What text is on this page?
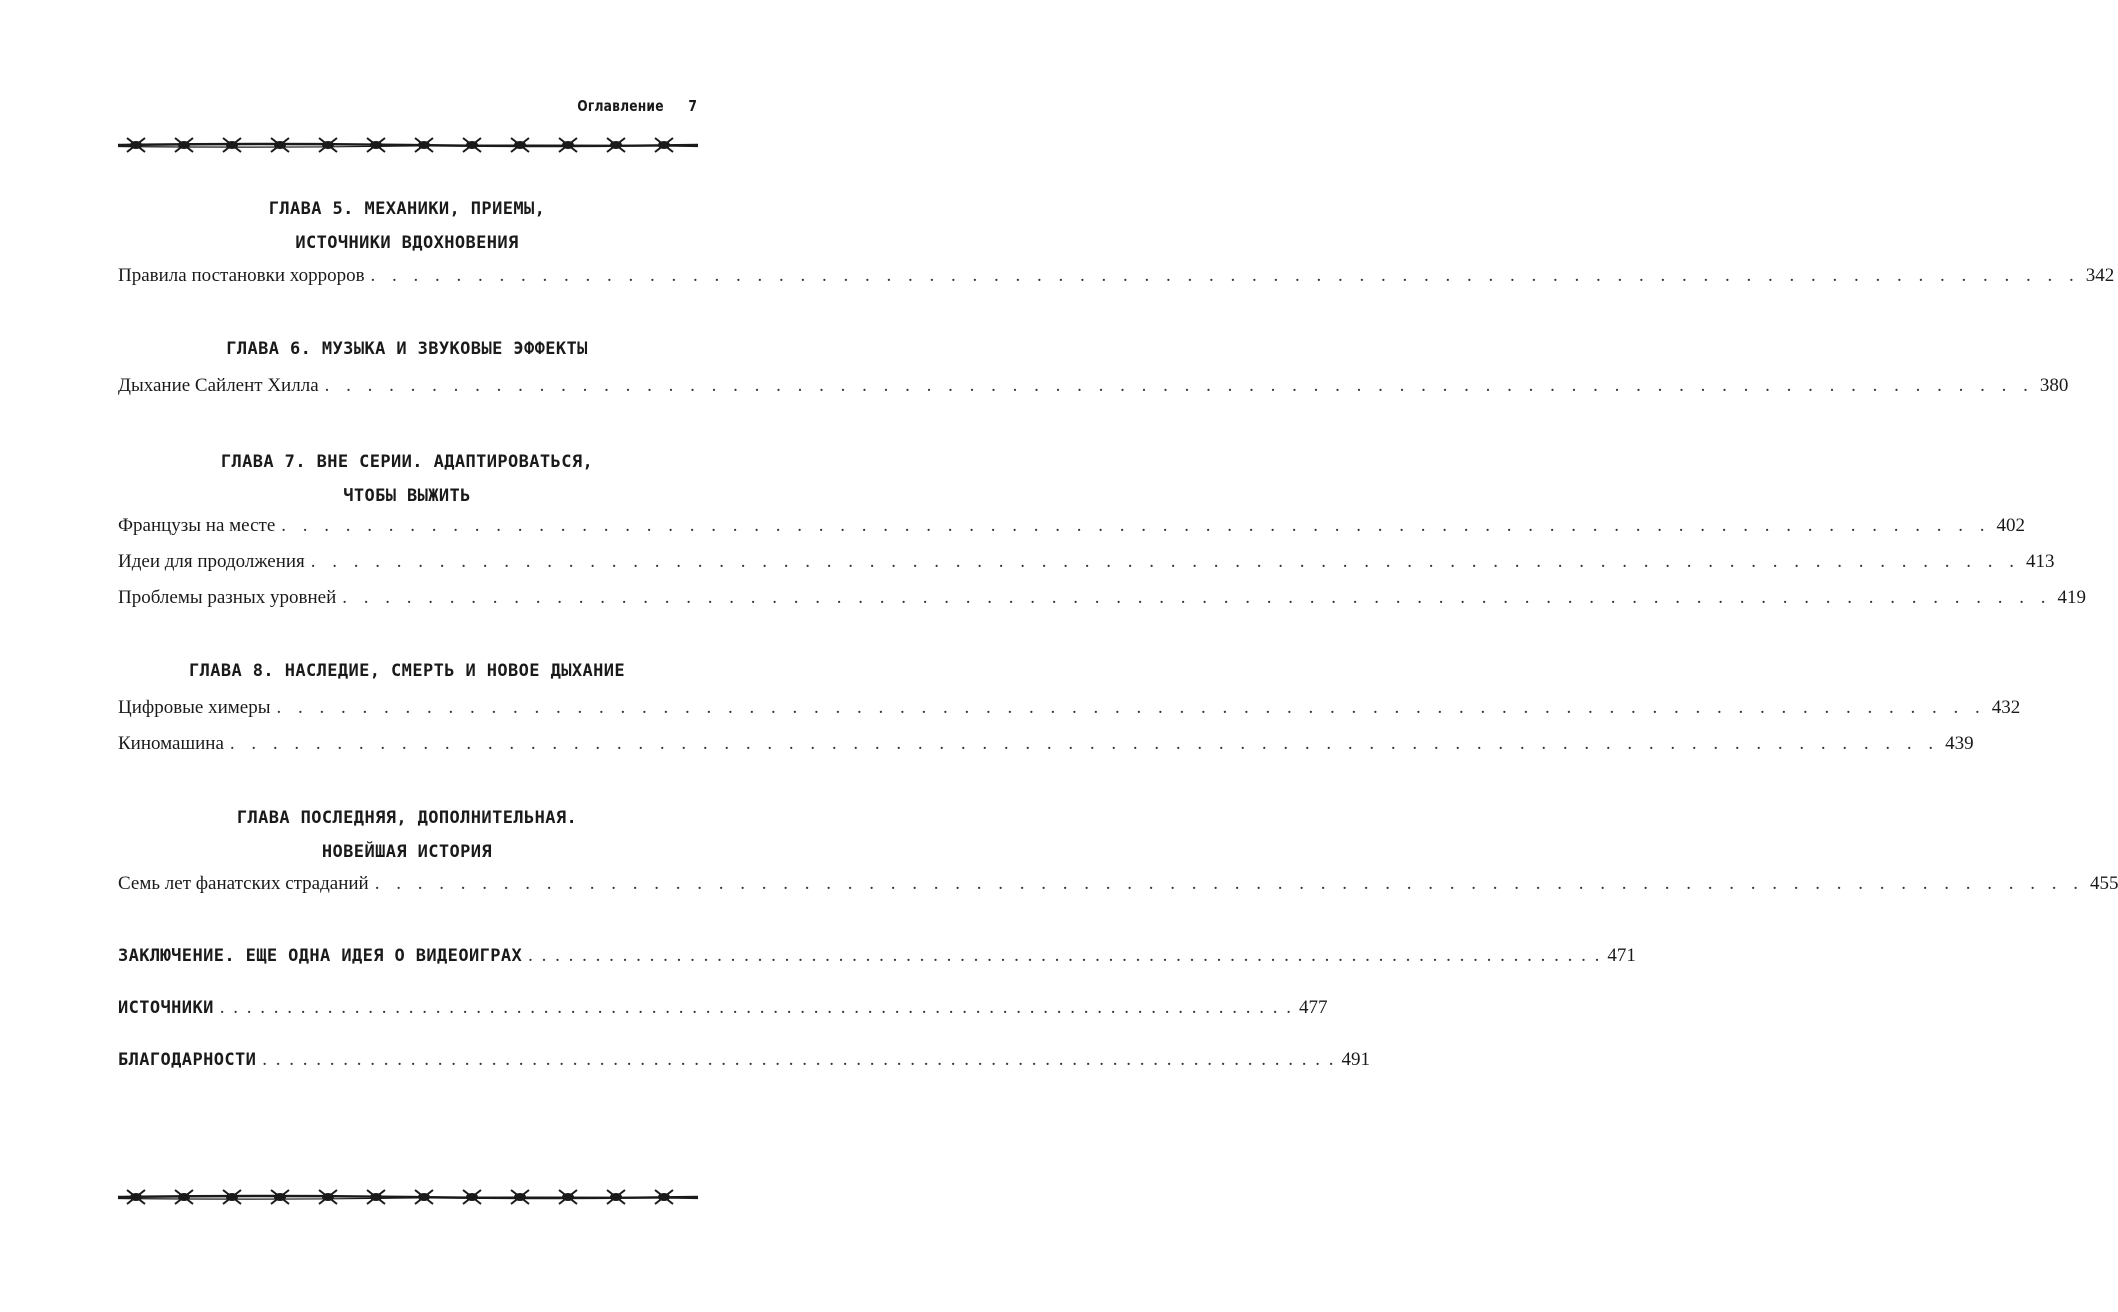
Оглавление 7
ГЛАВА 5. МЕХАНИКИ, ПРИЕМЫ,
ИСТОЧНИКИ ВДОХНОВЕНИЯ
Правила постановки хорроров . . . . . . . . . . . . . . . . . . . . . . . . . . . . . . . . . . . . . . . . . . . . . . . . . . . . . . . . . . . . . . . . . . . . . . . . . . . . . . . . 342
ГЛАВА 6. МУЗЫКА И ЗВУКОВЫЕ ЭФФЕКТЫ
Дыхание Сайлент Хилла . . . . . . . . . . . . . . . . . . . . . . . . . . . . . . . . . . . . . . . . . . . . . . . . . . . . . . . . . . . . . . . . . . . . . . . . . . . . . . . . 380
ГЛАВА 7. ВНЕ СЕРИИ. АДАПТИРОВАТЬСЯ,
ЧТОБЫ ВЫЖИТЬ
Французы на месте . . . . . . . . . . . . . . . . . . . . . . . . . . . . . . . . . . . . . . . . . . . . . . . . . . . . . . . . . . . . . . . . . . . . . . . . . . . . . . . . 402
Идеи для продолжения . . . . . . . . . . . . . . . . . . . . . . . . . . . . . . . . . . . . . . . . . . . . . . . . . . . . . . . . . . . . . . . . . . . . . . . . . . . . . . . . 413
Проблемы разных уровней . . . . . . . . . . . . . . . . . . . . . . . . . . . . . . . . . . . . . . . . . . . . . . . . . . . . . . . . . . . . . . . . . . . . . . . . . . . . . . . . 419
ГЛАВА 8. НАСЛЕДИЕ, СМЕРТЬ И НОВОЕ ДЫХАНИЕ
Цифровые химеры . . . . . . . . . . . . . . . . . . . . . . . . . . . . . . . . . . . . . . . . . . . . . . . . . . . . . . . . . . . . . . . . . . . . . . . . . . . . . . . . 432
Киномашина . . . . . . . . . . . . . . . . . . . . . . . . . . . . . . . . . . . . . . . . . . . . . . . . . . . . . . . . . . . . . . . . . . . . . . . . . . . . . . . . 439
ГЛАВА ПОСЛЕДНЯЯ, ДОПОЛНИТЕЛЬНАЯ.
НОВЕЙШАЯ ИСТОРИЯ
Семь лет фанатских страданий . . . . . . . . . . . . . . . . . . . . . . . . . . . . . . . . . . . . . . . . . . . . . . . . . . . . . . . . . . . . . . . . . . . . . . . . . . . . . . . . 455
ЗАКЛЮЧЕНИЕ. ЕЩЕ ОДНА ИДЕЯ О ВИДЕОИГРАХ . . . . . . . . . . . . . . . . . . . . . . . . . . . . . . . . . . . . . . . . . . . . . . . . . . . . . . . . . . . . . . . . . . . . . . . . . . . . . . . . 471
ИСТОЧНИКИ . . . . . . . . . . . . . . . . . . . . . . . . . . . . . . . . . . . . . . . . . . . . . . . . . . . . . . . . . . . . . . . . . . . . . . . . . . . . . . . . 477
БЛАГОДАРНОСТИ . . . . . . . . . . . . . . . . . . . . . . . . . . . . . . . . . . . . . . . . . . . . . . . . . . . . . . . . . . . . . . . . . . . . . . . . . . . . . . . . 491
